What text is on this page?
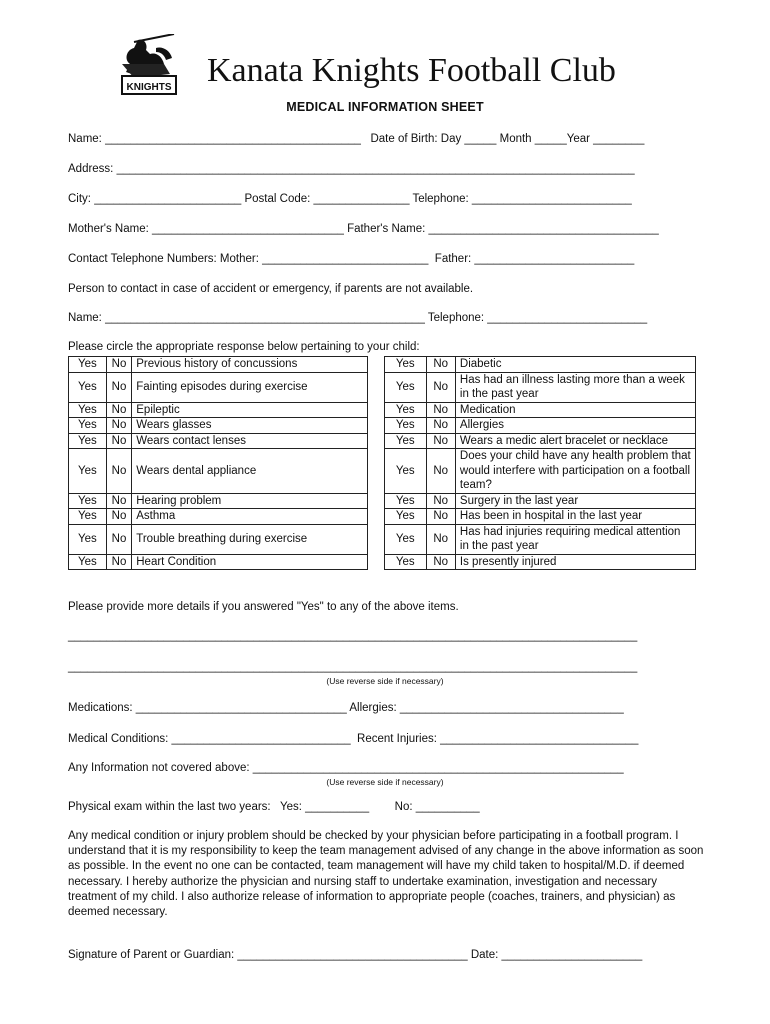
KNIGHTS Kanata Knights Football Club
MEDICAL INFORMATION SHEET
Name: ________________________________________   Date of Birth: Day _____ Month _____Year ________
Address: _________________________________________________________________________________
City: _______________________ Postal Code: _______________ Telephone: _________________________
Mother's Name: ______________________________ Father's Name: ____________________________________
Contact Telephone Numbers: Mother: __________________________  Father: _________________________
Person to contact in case of accident or emergency, if parents are not available.
Name: __________________________________________________ Telephone: _________________________
Please circle the appropriate response below pertaining to your child:
Yes	No	Previous history of concussions
Yes	No	Fainting episodes during exercise
Yes	No	Epileptic
Yes	No	Wears glasses
Yes	No	Wears contact lenses
Yes	No	Wears dental appliance
Yes	No	Hearing problem
Yes	No	Asthma
Yes	No	Trouble breathing during exercise
Yes	No	Heart Condition
Yes	No	Diabetic
Yes	No	Has had an illness lasting more than a week in the past year
Yes	No	Medication
Yes	No	Allergies
Yes	No	Wears a medic alert bracelet or necklace
Yes	No	Does your child have any health problem that would interfere with participation on a football team?
Yes	No	Surgery in the last year
Yes	No	Has been in hospital in the last year
Yes	No	Has had injuries requiring medical attention in the past year
Yes	No	Is presently injured
Please provide more details if you answered "Yes" to any of the above items.
_________________________________________________________________________________________
_________________________________________________________________________________________
(Use reverse side if necessary)
Medications: _________________________________ Allergies: ___________________________________
Medical Conditions: ____________________________  Recent Injuries: _______________________________
Any Information not covered above: __________________________________________________________
(Use reverse side if necessary)
Physical exam within the last two years:   Yes: __________        No: __________
Any medical condition or injury problem should be checked by your physician before participating in a football program. I understand that it is my responsibility to keep the team management advised of any change in the above information as soon as possible. In the event no one can be contacted, team management will have my child taken to hospital/M.D. if deemed necessary. I hereby authorize the physician and nursing staff to undertake examination, investigation and necessary treatment of my child. I also authorize release of information to appropriate people (coaches, trainers, and physician) as deemed necessary.
Signature of Parent or Guardian: ____________________________________ Date: ______________________
